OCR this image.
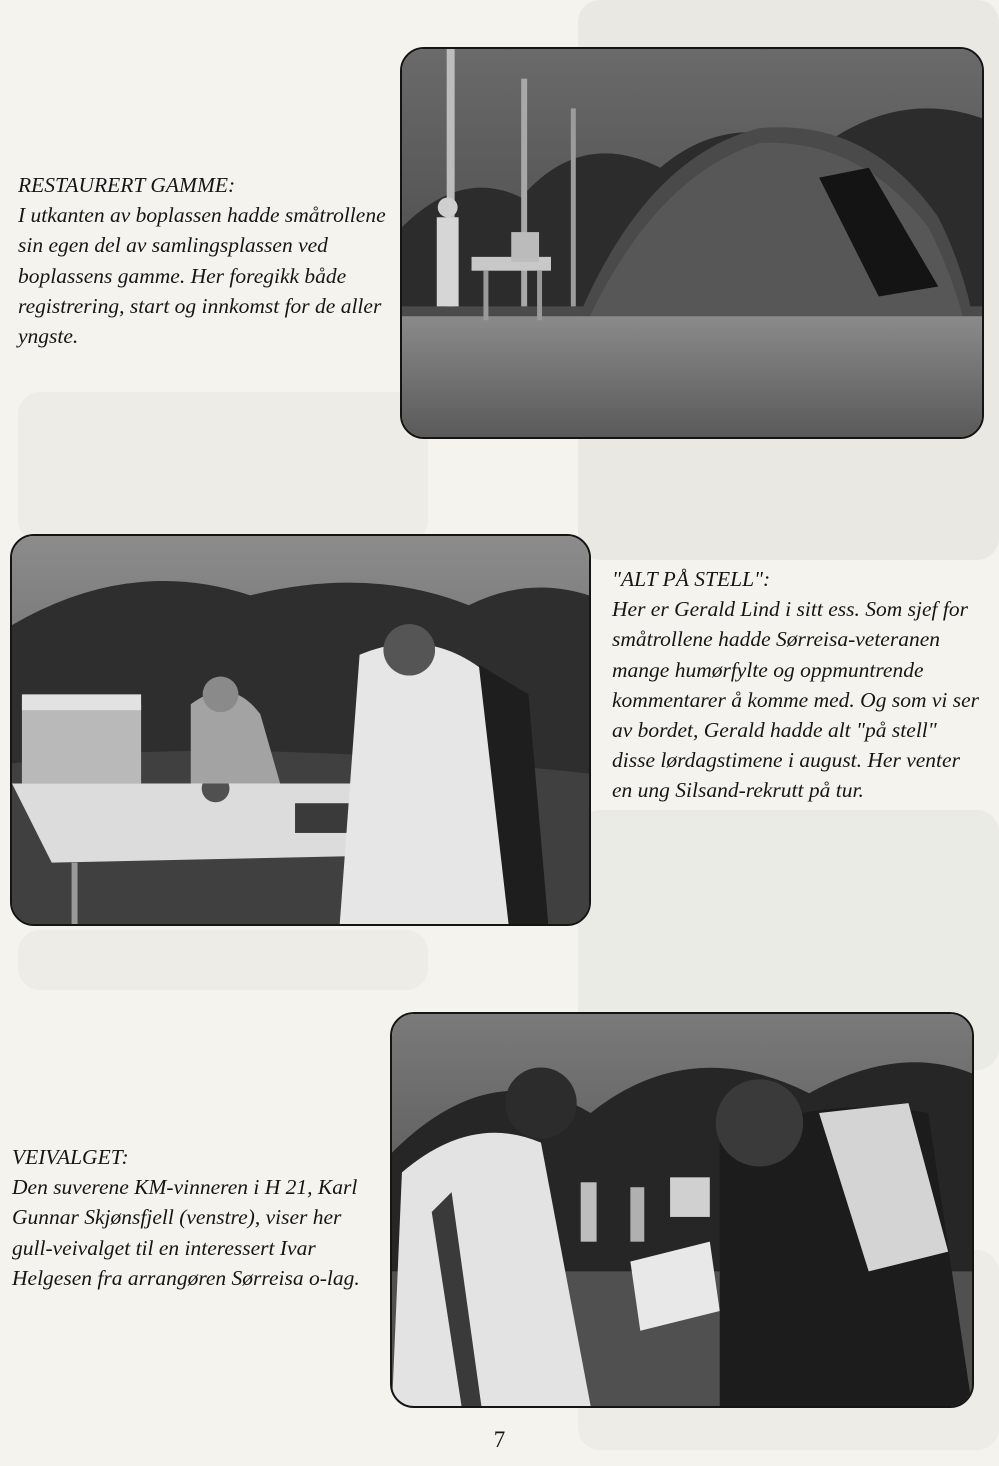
RESTAURERT GAMME:
I utkanten av boplassen hadde småtrollene sin egen del av samlingsplassen ved boplassens gamme. Her foregikk både registrering, start og innkomst for de aller yngste.
"ALT PÅ STELL":
Her er Gerald Lind i sitt ess. Som sjef for småtrollene hadde Sørreisa-veteranen mange humørfylte og oppmuntrende kommentarer å komme med. Og som vi ser av bordet, Gerald hadde alt "på stell" disse lørdagstimene i august. Her venter en ung Silsand-rekrutt på tur.
VEIVALGET:
Den suverene KM-vinneren i H 21, Karl Gunnar Skjønsfjell (venstre), viser her gull-veivalget til en interessert Ivar Helgesen fra arrangøren Sørreisa o-lag.
7
